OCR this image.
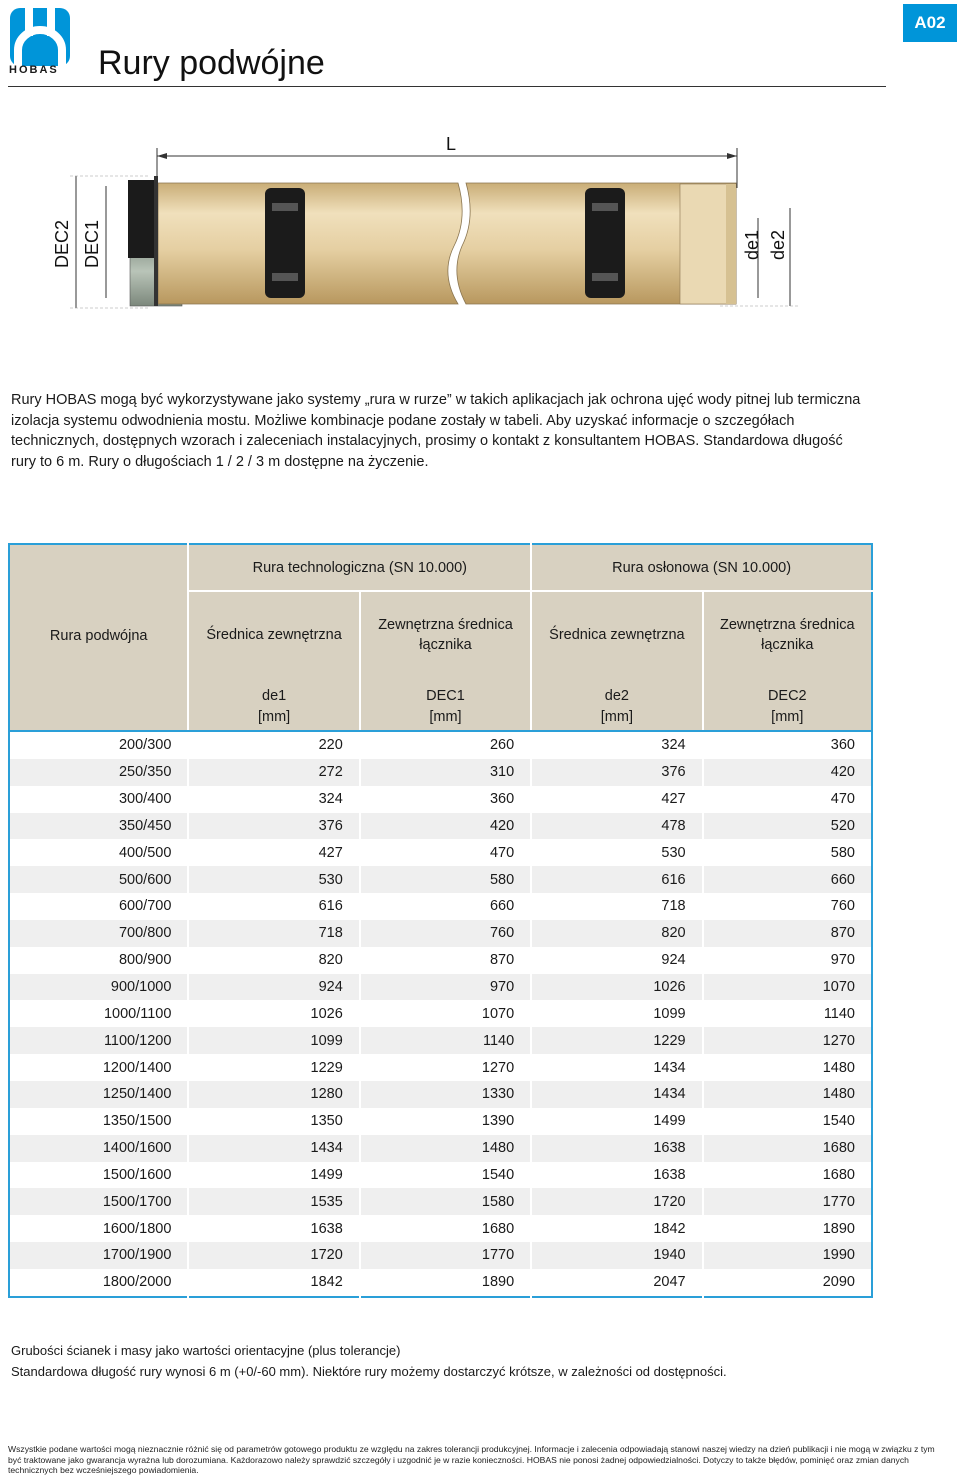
HOBAS Rury podwójne
A02
L
DEC2 DEC1	de1 de2
Rury HOBAS mogą być wykorzystywane jako systemy „rura w rurze” w takich aplikacjach jak ochrona ujęć wody pitnej lub termiczna izolacja systemu odwodnienia mostu. Możliwe kombinacje podane zostały w tabeli. Aby uzyskać informacje o szczegółach technicznych, dostępnych wzorach i zaleceniach instalacyjnych, prosimy o kontakt z konsultantem HOBAS. Standardowa długość rury to 6 m. Rury o długościach 1 / 2 / 3 m dostępne na życzenie.
	Rura technologiczna (SN 10.000)		Rura osłonowa (SN 10.000)	
Rura podwójna	Średnica zewnętrzna	Zewnętrzna średnica łącznika	Średnica zewnętrzna	Zewnętrzna średnica łącznika
	de1	DEC1	de2	DEC2
	[mm]	[mm]	[mm]	[mm]
200/300	220	260	324	360
250/350	272	310	376	420
300/400	324	360	427	470
350/450	376	420	478	520
400/500	427	470	530	580
500/600	530	580	616	660
600/700	616	660	718	760
700/800	718	760	820	870
800/900	820	870	924	970
900/1000	924	970	1026	1070
1000/1100	1026	1070	1099	1140
1100/1200	1099	1140	1229	1270
1200/1400	1229	1270	1434	1480
1250/1400	1280	1330	1434	1480
1350/1500	1350	1390	1499	1540
1400/1600	1434	1480	1638	1680
1500/1600	1499	1540	1638	1680
1500/1700	1535	1580	1720	1770
1600/1800	1638	1680	1842	1890
1700/1900	1720	1770	1940	1990
1800/2000	1842	1890	2047	2090
Grubości ścianek i masy jako wartości orientacyjne (plus tolerancje)
Standardowa długość rury wynosi 6 m (+0/-60 mm). Niektóre rury możemy dostarczyć krótsze, w zależności od dostępności.
Wszystkie podane wartości mogą nieznacznie różnić się od parametrów gotowego produktu ze względu na zakres tolerancji produkcyjnej. Informacje i zalecenia odpowiadają stanowi naszej wiedzy na dzień publikacji i nie mogą w związku z tym być traktowane jako gwarancja wyrażna lub dorozumiana. Każdorazowo należy sprawdzić szczegóły i uzgodnić je w razie konieczności. HOBAS nie ponosi żadnej odpowiedzialności. Dotyczy to także błędów, pominięć oraz zmian danych technicznych bez wcześniejszego powiadomienia.
